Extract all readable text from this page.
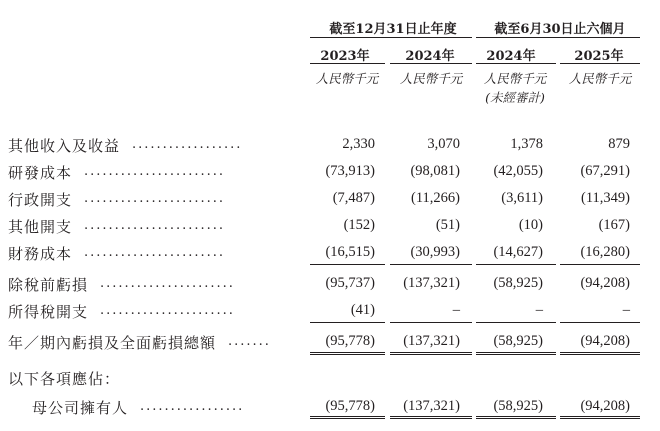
截至12月31日止年度	截至6月30日止六個月
2023年	2024年	2024年	2025年
人民幣千元	人民幣千元	人民幣千元	人民幣千元
(未經審計)
其他收入及收益 ..................	2,330	3,070	1,378	879
研發成本 .......................	(73,913)	(98,081)	(42,055)	(67,291)
行政開支 .......................	(7,487)	(11,266)	(3,611)	(11,349)
其他開支 .......................	(152)	(51)	(10)	(167)
財務成本 .......................	(16,515)	(30,993)	(14,627)	(16,280)
除稅前虧損 ......................	(95,737)	(137,321)	(58,925)	(94,208)
所得稅開支 ......................	(41)	–	–	–
年／期內虧損及全面虧損總額 .......	(95,778)	(137,321)	(58,925)	(94,208)
以下各項應佔：
母公司擁有人 .................	(95,778)	(137,321)	(58,925)	(94,208)
